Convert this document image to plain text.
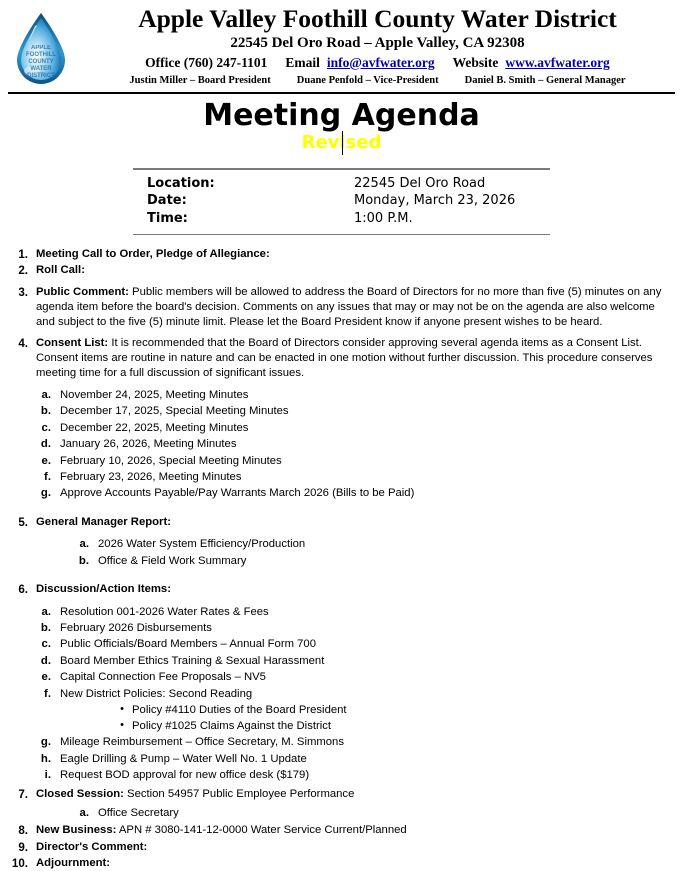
APPLE
FOOTHILL
COUNTY
WATER
DISTRICT
Apple Valley Foothill County Water District
22545 Del Oro Road – Apple Valley, CA 92308
Office (760) 247-1101 Email info@avfwater.org Website www.avfwater.org
Justin Miller – Board President Duane Penfold – Vice-President Daniel B. Smith – General Manager
Meeting Agenda
Revised
Location:	22545 Del Oro Road
Date:	Monday, March 23, 2026
Time:	1:00 P.M.
1. Meeting Call to Order, Pledge of Allegiance:
2. Roll Call:
3. Public Comment: Public members will be allowed to address the Board of Directors for no more than five (5) minutes on any agenda item before the board's decision. Comments on any issues that may or may not be on the agenda are also welcome and subject to the five (5) minute limit. Please let the Board President know if anyone present wishes to be heard.
4. Consent List: It is recommended that the Board of Directors consider approving several agenda items as a Consent List. Consent items are routine in nature and can be enacted in one motion without further discussion. This procedure conserves meeting time for a full discussion of significant issues.
a. November 24, 2025, Meeting Minutes
b. December 17, 2025, Special Meeting Minutes
c. December 22, 2025, Meeting Minutes
d. January 26, 2026, Meeting Minutes
e. February 10, 2026, Special Meeting Minutes
f. February 23, 2026, Meeting Minutes
g. Approve Accounts Payable/Pay Warrants March 2026 (Bills to be Paid)
5. General Manager Report:
a. 2026 Water System Efficiency/Production
b. Office & Field Work Summary
6. Discussion/Action Items:
a. Resolution 001-2026 Water Rates & Fees
b. February 2026 Disbursements
c. Public Officials/Board Members – Annual Form 700
d. Board Member Ethics Training & Sexual Harassment
e. Capital Connection Fee Proposals – NV5
f. New District Policies: Second Reading
• Policy #4110 Duties of the Board President
• Policy #1025 Claims Against the District
g. Mileage Reimbursement – Office Secretary, M. Simmons
h. Eagle Drilling & Pump – Water Well No. 1 Update
i. Request BOD approval for new office desk ($179)
7. Closed Session: Section 54957 Public Employee Performance
a. Office Secretary
8. New Business: APN # 3080-141-12-0000 Water Service Current/Planned
9. Director's Comment:
10. Adjournment:
